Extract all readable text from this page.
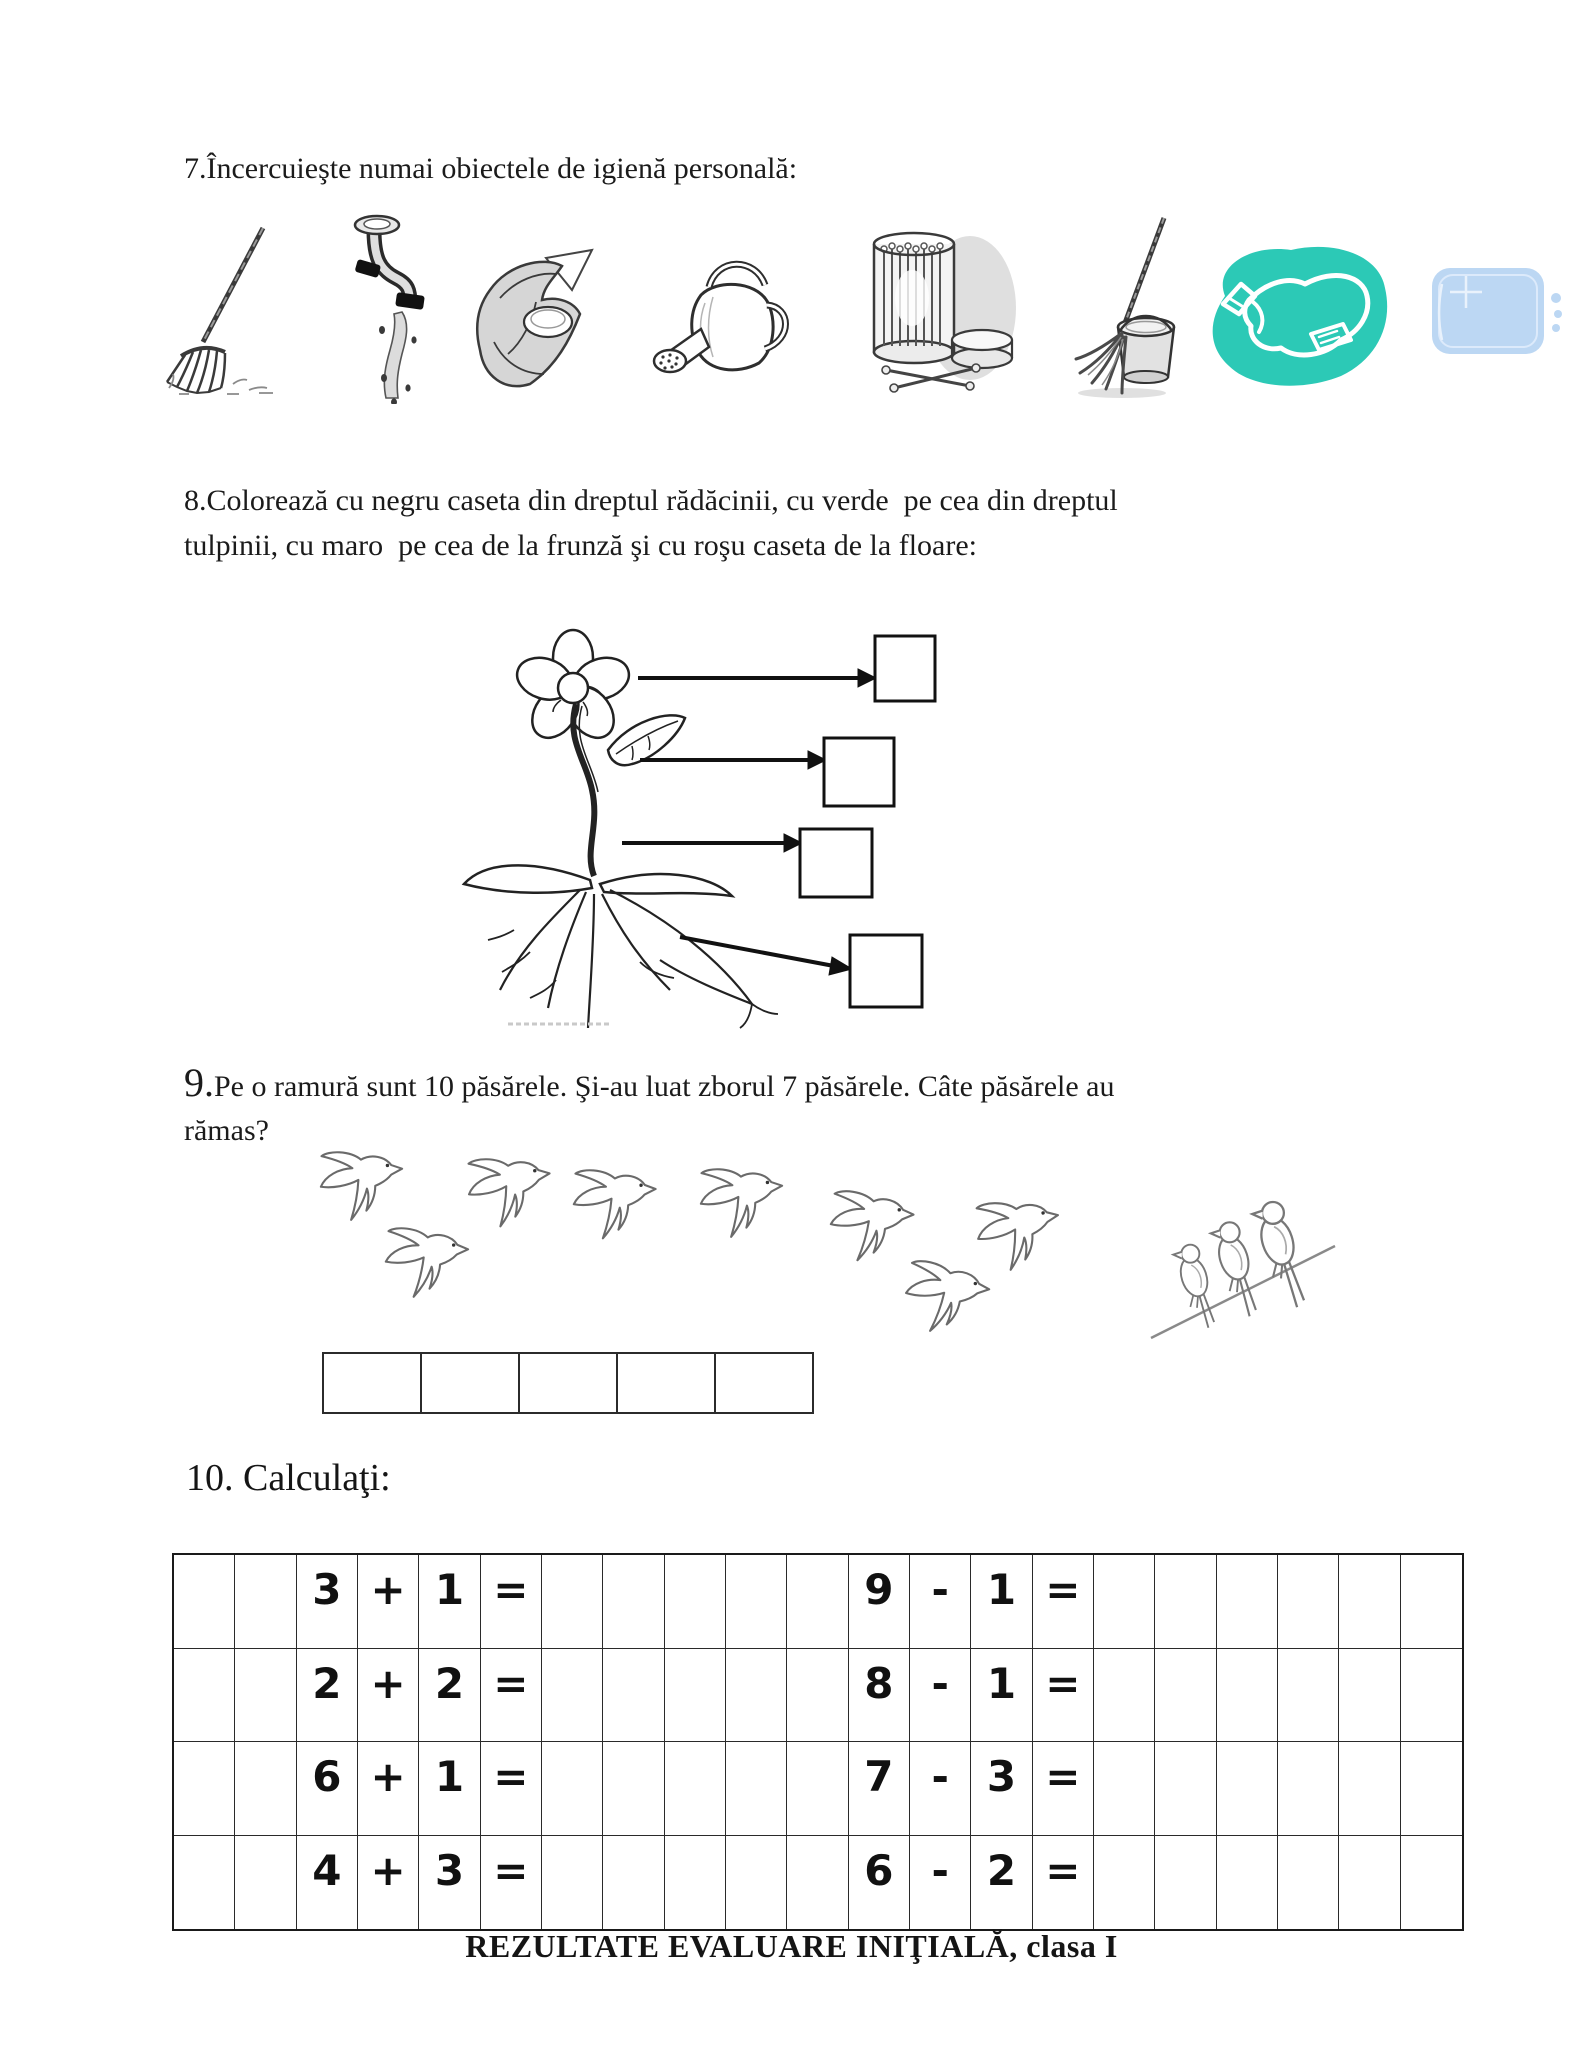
7.Încercuieşte numai obiectele de igienă personală:
8.Colorează cu negru caseta din dreptul rădăcinii, cu verde  pe cea din dreptul
tulpinii, cu maro  pe cea de la frunză şi cu roşu caseta de la floare:
9.Pe o ramură sunt 10 păsărele. Şi-au luat zborul 7 păsărele. Câte păsărele au
rămas?
10. Calculaţi:
3 + 1 =	9 - 1 =
2 + 2 =	8 - 1 =
6 + 1 =	7 - 3 =
4 + 3 =	6 - 2 =
REZULTATE EVALUARE INIŢIALĂ, clasa I
